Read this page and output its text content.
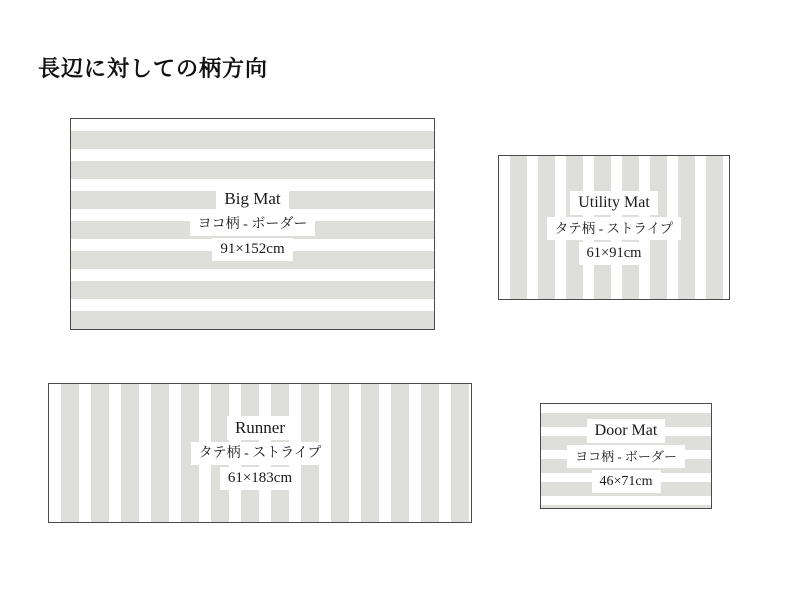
長辺に対しての柄方向
Big Mat
ヨコ柄 - ボーダー
91×152cm
Utility Mat
タテ柄 - ストライプ
61×91cm
Runner
タテ柄 - ストライプ
61×183cm
Door Mat
ヨコ柄 - ボーダー
46×71cm
